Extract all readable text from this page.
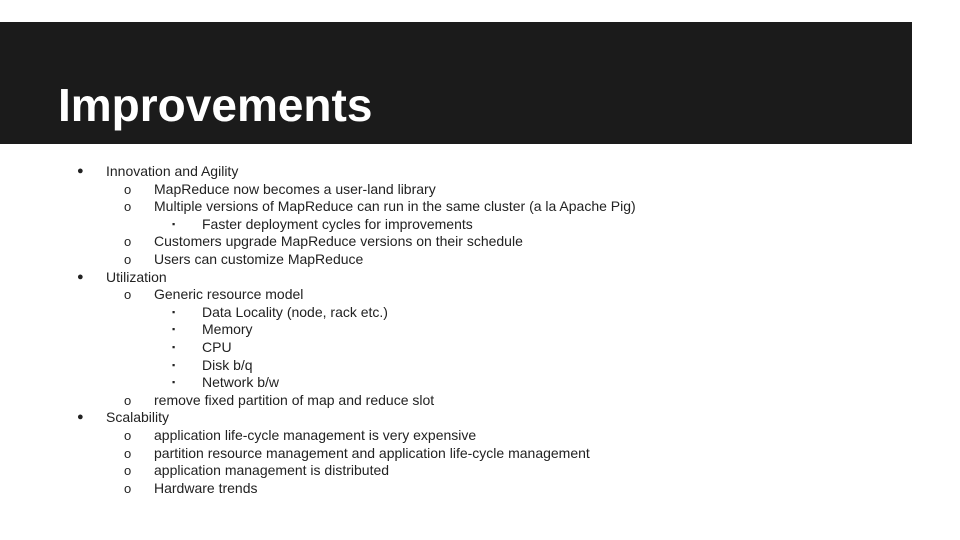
Improvements
● Innovation and Agility
o MapReduce now becomes a user-land library
o Multiple versions of MapReduce can run in the same cluster (a la Apache Pig)
▪ Faster deployment cycles for improvements
o Customers upgrade MapReduce versions on their schedule
o Users can customize MapReduce
● Utilization
o Generic resource model
▪ Data Locality (node, rack etc.)
▪ Memory
▪ CPU
▪ Disk b/q
▪ Network b/w
o remove fixed partition of map and reduce slot
● Scalability
o application life-cycle management is very expensive
o partition resource management and application life-cycle management
o application management is distributed
o Hardware trends
